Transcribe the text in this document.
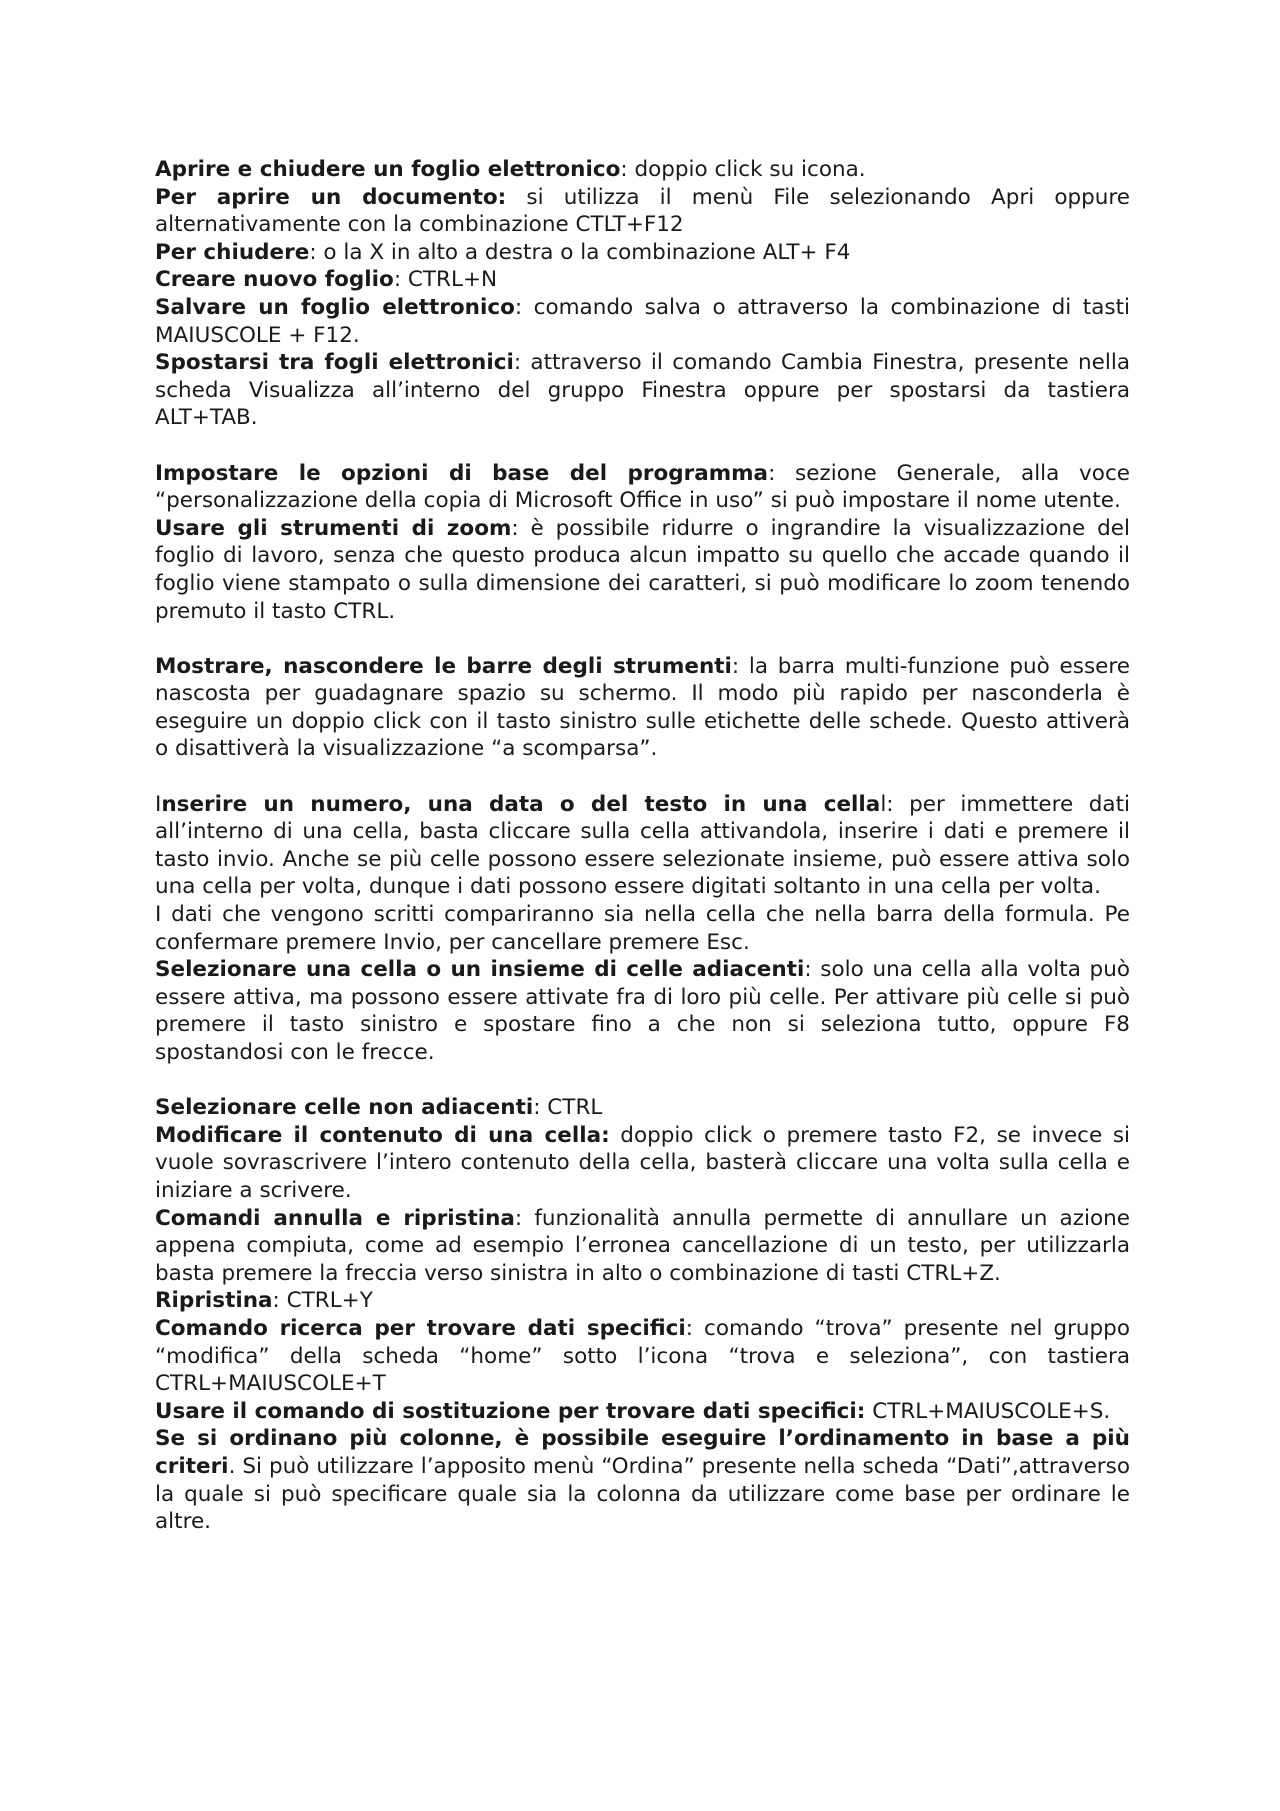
Aprire e chiudere un foglio elettronico: doppio click su icona.

Per aprire un documento: si utilizza il menù File selezionando Apri oppure alternativamente con la combinazione CTLT+F12

Per chiudere: o la X in alto a destra o la combinazione ALT+ F4

Creare nuovo foglio: CTRL+N

Salvare un foglio elettronico: comando salva o attraverso la combinazione di tasti MAIUSCOLE + F12.

Spostarsi tra fogli elettronici: attraverso il comando Cambia Finestra, presente nella scheda Visualizza all’interno del gruppo Finestra oppure per spostarsi da tastiera ALT+TAB.

Impostare le opzioni di base del programma: sezione Generale, alla voce “personalizzazione della copia di Microsoft Office in uso” si può impostare il nome utente.

Usare gli strumenti di zoom: è possibile ridurre o ingrandire la visualizzazione del foglio di lavoro, senza che questo produca alcun impatto su quello che accade quando il foglio viene stampato o sulla dimensione dei caratteri, si può modificare lo zoom tenendo premuto il tasto CTRL.

Mostrare, nascondere le barre degli strumenti: la barra multi-funzione può essere nascosta per guadagnare spazio su schermo. Il modo più rapido per nasconderla è eseguire un doppio click con il tasto sinistro sulle etichette delle schede. Questo attiverà o disattiverà la visualizzazione “a scomparsa”.

Inserire un numero, una data o del testo in una cellal: per immettere dati all’interno di una cella, basta cliccare sulla cella attivandola, inserire i dati e premere il tasto invio. Anche se più celle possono essere selezionate insieme, può essere attiva solo una cella per volta, dunque i dati possono essere digitati soltanto in una cella per volta.

I dati che vengono scritti compariranno sia nella cella che nella barra della formula. Pe confermare premere Invio, per cancellare premere Esc.

Selezionare una cella o un insieme di celle adiacenti: solo una cella alla volta può essere attiva, ma possono essere attivate fra di loro più celle. Per attivare più celle si può premere il tasto sinistro e spostare fino a che non si seleziona tutto, oppure F8 spostandosi con le frecce.

Selezionare celle non adiacenti: CTRL

Modificare il contenuto di una cella: doppio click o premere tasto F2, se invece si vuole sovrascrivere l’intero contenuto della cella, basterà cliccare una volta sulla cella e iniziare a scrivere.

Comandi annulla e ripristina: funzionalità annulla permette di annullare un azione appena compiuta, come ad esempio l’erronea cancellazione di un testo, per utilizzarla basta premere la freccia verso sinistra in alto o combinazione di tasti CTRL+Z.

Ripristina: CTRL+Y

Comando ricerca per trovare dati specifici: comando “trova” presente nel gruppo “modifica” della scheda “home” sotto l’icona “trova e seleziona”, con tastiera CTRL+MAIUSCOLE+T

Usare il comando di sostituzione per trovare dati specifici: CTRL+MAIUSCOLE+S.

Se si ordinano più colonne, è possibile eseguire l’ordinamento in base a più criteri. Si può utilizzare l’apposito menù “Ordina” presente nella scheda “Dati”,attraverso la quale si può specificare quale sia la colonna da utilizzare come base per ordinare le altre.
